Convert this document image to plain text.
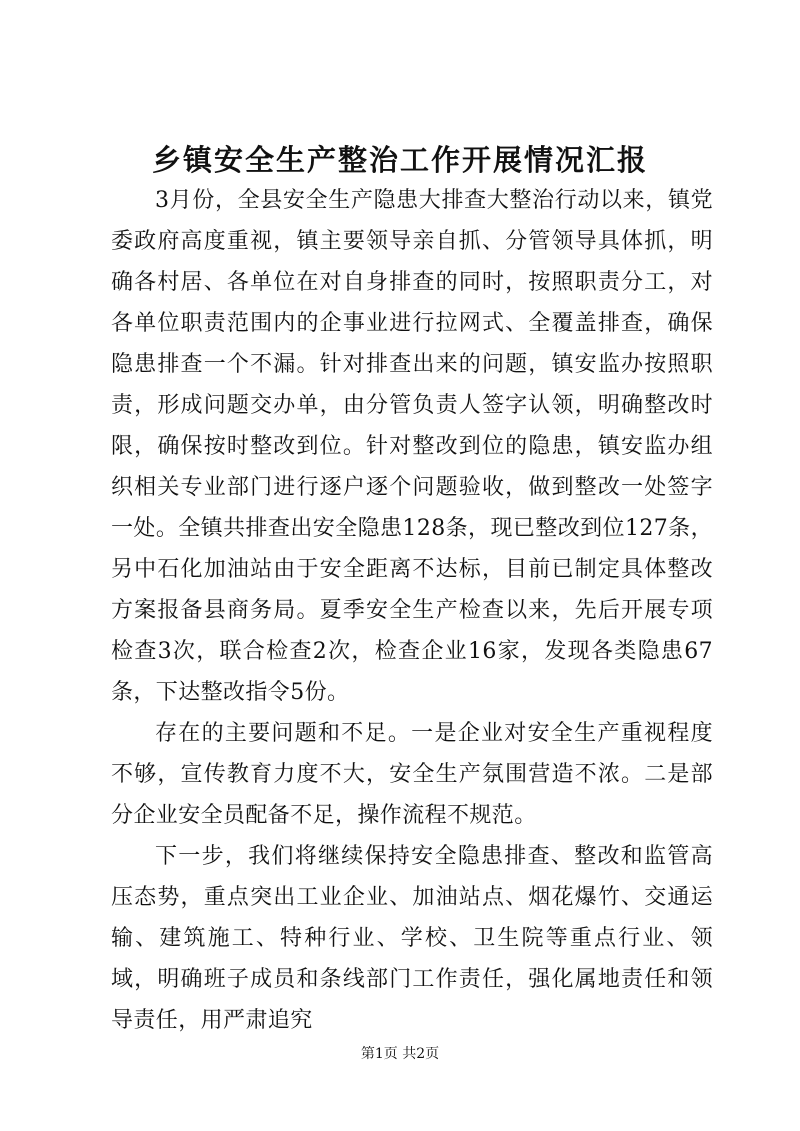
乡镇安全生产整治工作开展情况汇报

3月份，全县安全生产隐患大排查大整治行动以来，镇党委政府高度重视，镇主要领导亲自抓、分管领导具体抓，明确各村居、各单位在对自身排查的同时，按照职责分工，对各单位职责范围内的企事业进行拉网式、全覆盖排查，确保隐患排查一个不漏。针对排查出来的问题，镇安监办按照职责，形成问题交办单，由分管负责人签字认领，明确整改时限，确保按时整改到位。针对整改到位的隐患，镇安监办组织相关专业部门进行逐户逐个问题验收，做到整改一处签字一处。全镇共排查出安全隐患128条，现已整改到位127条，另中石化加油站由于安全距离不达标，目前已制定具体整改方案报备县商务局。夏季安全生产检查以来，先后开展专项检查3次，联合检查2次，检查企业16家，发现各类隐患67条，下达整改指令5份。

存在的主要问题和不足。一是企业对安全生产重视程度不够，宣传教育力度不大，安全生产氛围营造不浓。二是部分企业安全员配备不足，操作流程不规范。

下一步，我们将继续保持安全隐患排查、整改和监管高压态势，重点突出工业企业、加油站点、烟花爆竹、交通运输、建筑施工、特种行业、学校、卫生院等重点行业、领域，明确班子成员和条线部门工作责任，强化属地责任和领导责任，用严肃追究

第1页 共2页
